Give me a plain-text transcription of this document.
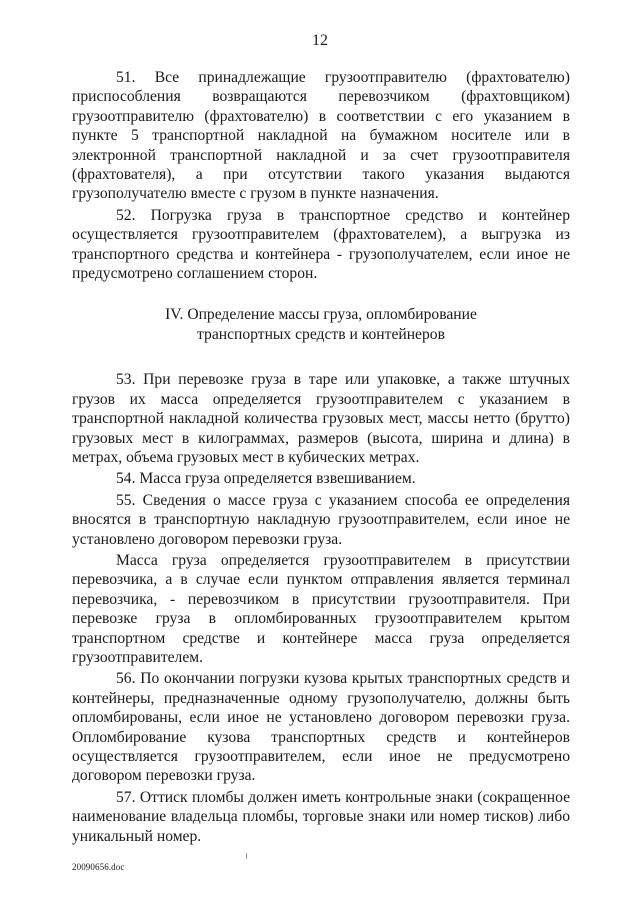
12

51. Все принадлежащие грузоотправителю (фрахтователю) приспособления возвращаются перевозчиком (фрахтовщиком) грузоотправителю (фрахтователю) в соответствии с его указанием в пункте 5 транспортной накладной на бумажном носителе или в электронной транспортной накладной и за счет грузоотправителя (фрахтователя), а при отсутствии такого указания выдаются грузополучателю вместе с грузом в пункте назначения.

52. Погрузка груза в транспортное средство и контейнер осуществляется грузоотправителем (фрахтователем), а выгрузка из транспортного средства и контейнера - грузополучателем, если иное не предусмотрено соглашением сторон.

IV. Определение массы груза, опломбирование
транспортных средств и контейнеров

53. При перевозке груза в таре или упаковке, а также штучных грузов их масса определяется грузоотправителем с указанием в транспортной накладной количества грузовых мест, массы нетто (брутто) грузовых мест в килограммах, размеров (высота, ширина и длина) в метрах, объема грузовых мест в кубических метрах.

54. Масса груза определяется взвешиванием.

55. Сведения о массе груза с указанием способа ее определения вносятся в транспортную накладную грузоотправителем, если иное не установлено договором перевозки груза.

Масса груза определяется грузоотправителем в присутствии перевозчика, а в случае если пунктом отправления является терминал перевозчика, - перевозчиком в присутствии грузоотправителя. При перевозке груза в опломбированных грузоотправителем крытом транспортном средстве и контейнере масса груза определяется грузоотправителем.

56. По окончании погрузки кузова крытых транспортных средств и контейнеры, предназначенные одному грузополучателю, должны быть опломбированы, если иное не установлено договором перевозки груза. Опломбирование кузова транспортных средств и контейнеров осуществляется грузоотправителем, если иное не предусмотрено договором перевозки груза.

57. Оттиск пломбы должен иметь контрольные знаки (сокращенное наименование владельца пломбы, торговые знаки или номер тисков) либо уникальный номер.

20090656.doc
